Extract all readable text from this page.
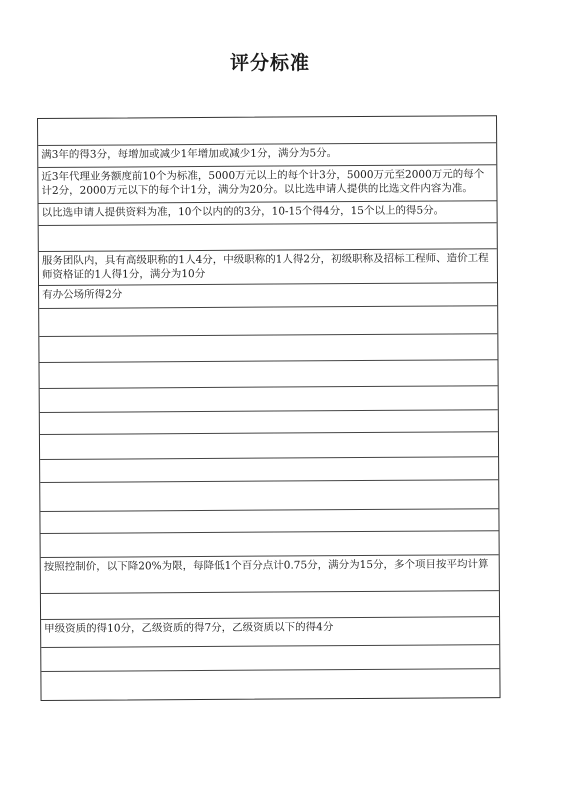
评分标准
满3年的得3分，每增加或减少1年增加或减少1分，满分为5分。
近3年代理业务额度前10个为标准，5000万元以上的每个计3分，5000万元至2000万元的每个计2分，2000万元以下的每个计1分，满分为20分。以比选申请人提供的比选文件内容为准。
以比选申请人提供资料为准，10个以内的的3分，10-15个得4分，15个以上的得5分。
服务团队内，具有高级职称的1人4分，中级职称的1人得2分，初级职称及招标工程师、造价工程师资格证的1人得1分，满分为10分
有办公场所得2分
按照控制价，以下降20%为限，每降低1个百分点计0.75分，满分为15分，多个项目按平均计算
甲级资质的得10分，乙级资质的得7分，乙级资质以下的得4分
